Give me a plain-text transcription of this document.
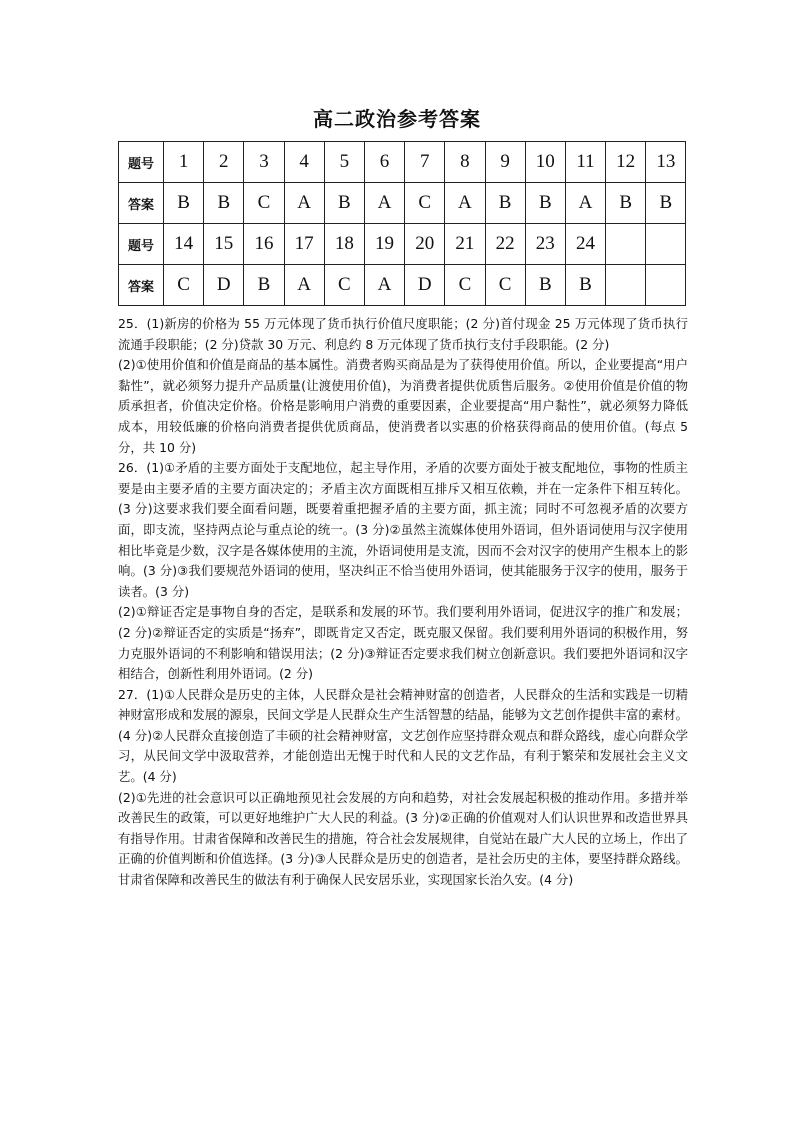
高二政治参考答案
题号	1	2	3	4	5	6	7	8	9	10	11	12	13
答案	B	B	C	A	B	A	C	A	B	B	A	B	B
题号	14	15	16	17	18	19	20	21	22	23	24		
答案	C	D	B	A	C	A	D	C	C	B	B		

25．(1)新房的价格为 55 万元体现了货币执行价值尺度职能；(2 分)首付现金 25 万元体现了货币执行流通手段职能；(2 分)贷款 30 万元、利息约 8 万元体现了货币执行支付手段职能。(2 分)

(2)①使用价值和价值是商品的基本属性。消费者购买商品是为了获得使用价值。所以，企业要提高“用户黏性”，就必须努力提升产品质量(让渡使用价值)，为消费者提供优质售后服务。②使用价值是价值的物质承担者，价值决定价格。价格是影响用户消费的重要因素，企业要提高“用户黏性”，就必须努力降低成本，用较低廉的价格向消费者提供优质商品，使消费者以实惠的价格获得商品的使用价值。(每点 5 分，共 10 分)

26．(1)①矛盾的主要方面处于支配地位，起主导作用，矛盾的次要方面处于被支配地位，事物的性质主要是由主要矛盾的主要方面决定的；矛盾主次方面既相互排斥又相互依赖，并在一定条件下相互转化。(3 分)这要求我们要全面看问题，既要着重把握矛盾的主要方面，抓主流；同时不可忽视矛盾的次要方面，即支流，坚持两点论与重点论的统一。(3 分)②虽然主流媒体使用外语词，但外语词使用与汉字使用相比毕竟是少数，汉字是各媒体使用的主流，外语词使用是支流，因而不会对汉字的使用产生根本上的影响。(3 分)③我们要规范外语词的使用，坚决纠正不恰当使用外语词，使其能服务于汉字的使用，服务于读者。(3 分)

(2)①辩证否定是事物自身的否定，是联系和发展的环节。我们要利用外语词，促进汉字的推广和发展；(2 分)②辩证否定的实质是“扬弃”，即既肯定又否定，既克服又保留。我们要利用外语词的积极作用，努力克服外语词的不利影响和错误用法；(2 分)③辩证否定要求我们树立创新意识。我们要把外语词和汉字相结合，创新性利用外语词。(2 分)

27．(1)①人民群众是历史的主体，人民群众是社会精神财富的创造者，人民群众的生活和实践是一切精神财富形成和发展的源泉，民间文学是人民群众生产生活智慧的结晶，能够为文艺创作提供丰富的素材。(4 分)②人民群众直接创造了丰硕的社会精神财富，文艺创作应坚持群众观点和群众路线，虚心向群众学习，从民间文学中汲取营养，才能创造出无愧于时代和人民的文艺作品，有利于繁荣和发展社会主义文艺。(4 分)

(2)①先进的社会意识可以正确地预见社会发展的方向和趋势，对社会发展起积极的推动作用。多措并举改善民生的政策，可以更好地维护广大人民的利益。(3 分)②正确的价值观对人们认识世界和改造世界具有指导作用。甘肃省保障和改善民生的措施，符合社会发展规律，自觉站在最广大人民的立场上，作出了正确的价值判断和价值选择。(3 分)③人民群众是历史的创造者，是社会历史的主体，要坚持群众路线。甘肃省保障和改善民生的做法有利于确保人民安居乐业，实现国家长治久安。(4 分)
